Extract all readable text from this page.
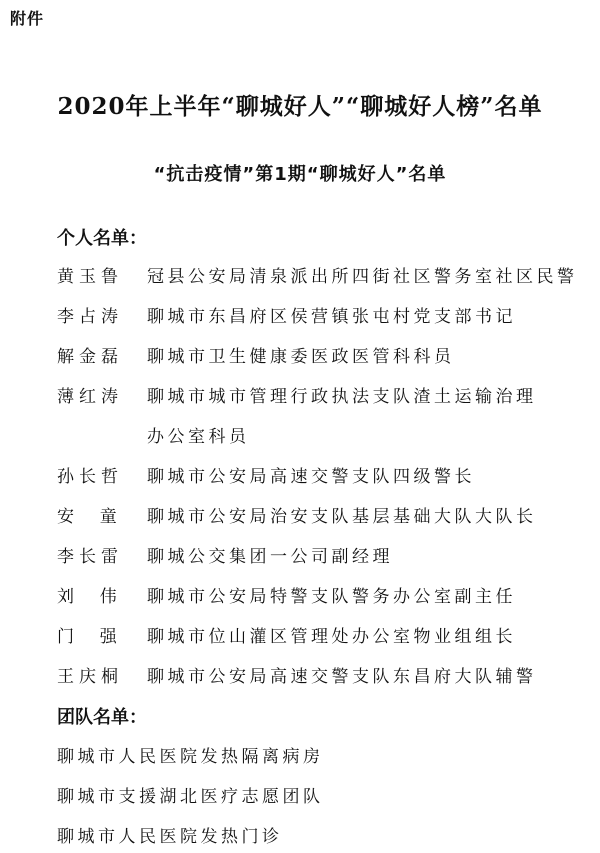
附件
2020年上半年“聊城好人”“聊城好人榜”名单
“抗击疫情”第1期“聊城好人”名单
个人名单：
黄玉鲁 冠县公安局清泉派出所四街社区警务室社区民警
李占涛 聊城市东昌府区侯营镇张屯村党支部书记
解金磊 聊城市卫生健康委医政医管科科员
薄红涛 聊城市城市管理行政执法支队渣土运输治理
办公室科员
孙长哲 聊城市公安局高速交警支队四级警长
安  童 聊城市公安局治安支队基层基础大队大队长
李长雷 聊城公交集团一公司副经理
刘  伟 聊城市公安局特警支队警务办公室副主任
门  强 聊城市位山灌区管理处办公室物业组组长
王庆桐 聊城市公安局高速交警支队东昌府大队辅警
团队名单：
聊城市人民医院发热隔离病房
聊城市支援湖北医疗志愿团队
聊城市人民医院发热门诊
